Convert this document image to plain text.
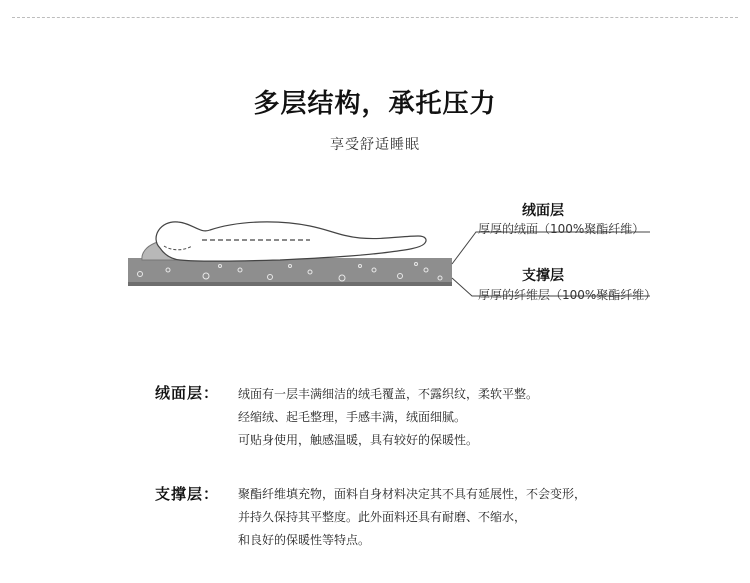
多层结构，承托压力
享受舒适睡眠
绒面层
厚厚的绒面（100%聚酯纤维）
支撑层
厚厚的纤维层（100%聚酯纤维）
绒面层： 绒面有一层丰满细洁的绒毛覆盖，不露织纹，柔软平整。
经缩绒、起毛整理，手感丰满，绒面细腻。
可贴身使用，触感温暖，具有较好的保暖性。
支撑层： 聚酯纤维填充物，面料自身材料决定其不具有延展性，不会变形，
并持久保持其平整度。此外面料还具有耐磨、不缩水，
和良好的保暖性等特点。
